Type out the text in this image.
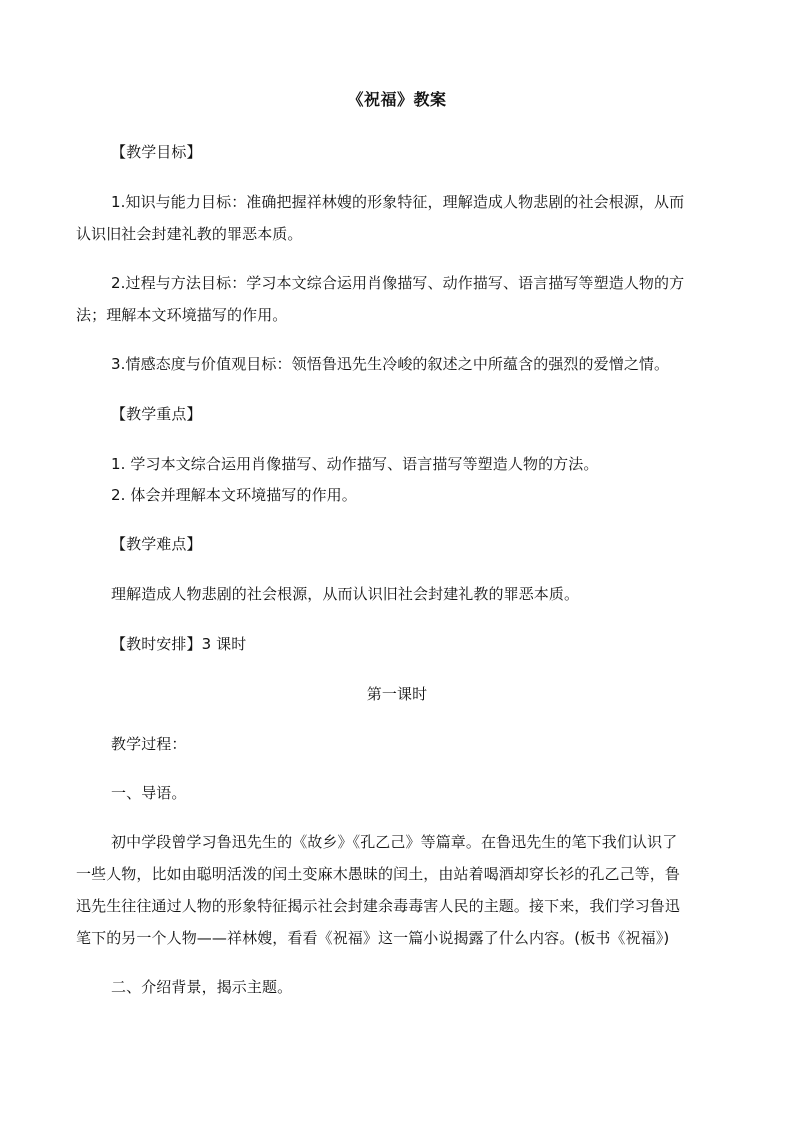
《祝福》教案
【教学目标】
1.知识与能力目标：准确把握祥林嫂的形象特征，理解造成人物悲剧的社会根源，从而
认识旧社会封建礼教的罪恶本质。
2.过程与方法目标：学习本文综合运用肖像描写、动作描写、语言描写等塑造人物的方
法；理解本文环境描写的作用。
3.情感态度与价值观目标：领悟鲁迅先生冷峻的叙述之中所蕴含的强烈的爱憎之情。
【教学重点】
1. 学习本文综合运用肖像描写、动作描写、语言描写等塑造人物的方法。
2. 体会并理解本文环境描写的作用。
【教学难点】
理解造成人物悲剧的社会根源，从而认识旧社会封建礼教的罪恶本质。
【教时安排】3 课时
第一课时
教学过程：
一、导语。
初中学段曾学习鲁迅先生的《故乡》《孔乙己》等篇章。在鲁迅先生的笔下我们认识了
一些人物，比如由聪明活泼的闰土变麻木愚昧的闰土，由站着喝酒却穿长衫的孔乙己等，鲁
迅先生往往通过人物的形象特征揭示社会封建余毒毒害人民的主题。接下来，我们学习鲁迅
笔下的另一个人物——祥林嫂，看看《祝福》这一篇小说揭露了什么内容。(板书《祝福》)
二、介绍背景，揭示主题。
